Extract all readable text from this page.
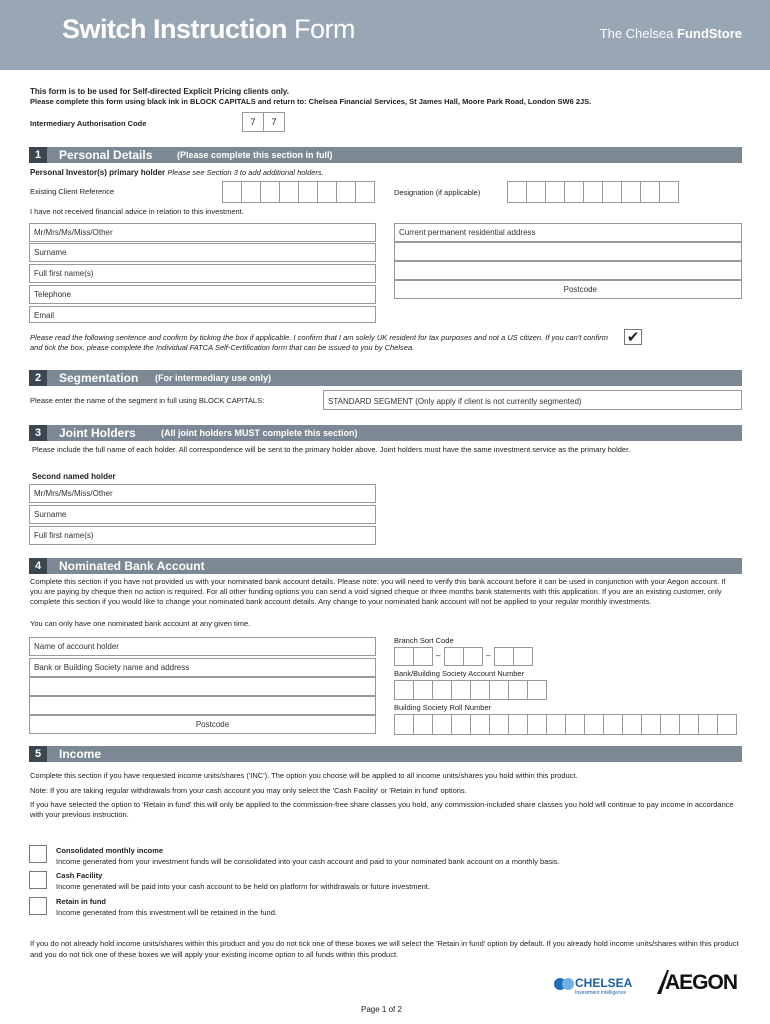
Switch Instruction Form	The Chelsea FundStore
This form is to be used for Self-directed Explicit Pricing clients only.
Please complete this form using black ink in BLOCK CAPITALS and return to: Chelsea Financial Services, St James Hall, Moore Park Road, London SW6 2JS.
Intermediary Authorisation Code	7	7
1	Personal Details	(Please complete this section in full)
Personal Investor(s) primary holder Please see Section 3 to add additional holders.
Existing Client Reference	Designation (if applicable)
I have not received financial advice in relation to this investment.
Mr/Mrs/Ms/Miss/Other
Surname
Full first name(s)
Telephone
Email
Current permanent residential address
Postcode
Please read the following sentence and confirm by ticking the box if applicable. I confirm that I am solely UK resident for tax purposes and not a US citizen. If you can't confirm and tick the box, please complete the Individual FATCA Self-Certification form that can be issued to you by Chelsea.
✔
2	Segmentation (For intermediary use only)
Please enter the name of the segment in full using BLOCK CAPITALS:	STANDARD SEGMENT (Only apply if client is not currently segmented)
3	Joint Holders	(All joint holders MUST complete this section)
Please include the full name of each holder. All correspondence will be sent to the primary holder above. Joint holders must have the same investment service as the primary holder.
Second named holder
Mr/Mrs/Ms/Miss/Other
Surname
Full first name(s)
4	Nominated Bank Account
Complete this section if you have not provided us with your nominated bank account details. Please note: you will need to verify this bank account before it can be used in conjunction with your Aegon account. If you are paying by cheque then no action is required. For all other funding options you can send a void signed cheque or three months bank statements with this application. If you are an existing customer, only complete this section if you would like to change your nominated bank account details. Any change to your nominated bank account will not be applied to your regular monthly investments.
You can only have one nominated bank account at any given time.
Name of account holder
Bank or Building Society name and address
Postcode
Branch Sort Code
–	–
Bank/Building Society Account Number
Building Society Roll Number
5	Income
Complete this section if you have requested income units/shares ('INC'). The option you choose will be applied to all income units/shares you hold within this product.
Note: If you are taking regular withdrawals from your cash account you may only select the 'Cash Facility' or 'Retain in fund' options.
If you have selected the option to 'Retain in fund' this will only be applied to the commission-free share classes you hold, any commission-included share classes you hold will continue to pay income in accordance with your previous instruction.
Consolidated monthly income
Income generated from your investment funds will be consolidated into your cash account and paid to your nominated bank account on a monthly basis.
Cash Facility
Income generated will be paid into your cash account to be held on platform for withdrawals or future investment.
Retain in fund
Income generated from this investment will be retained in the fund.
If you do not already hold income units/shares within this product and you do not tick one of these boxes we will select the 'Retain in fund' option by default. If you already hold income units/shares within this product and you do not tick one of these boxes we will apply your existing income option to all funds within this product.
CHELSEA
Investment Intelligence AEGON
Page 1 of 2
